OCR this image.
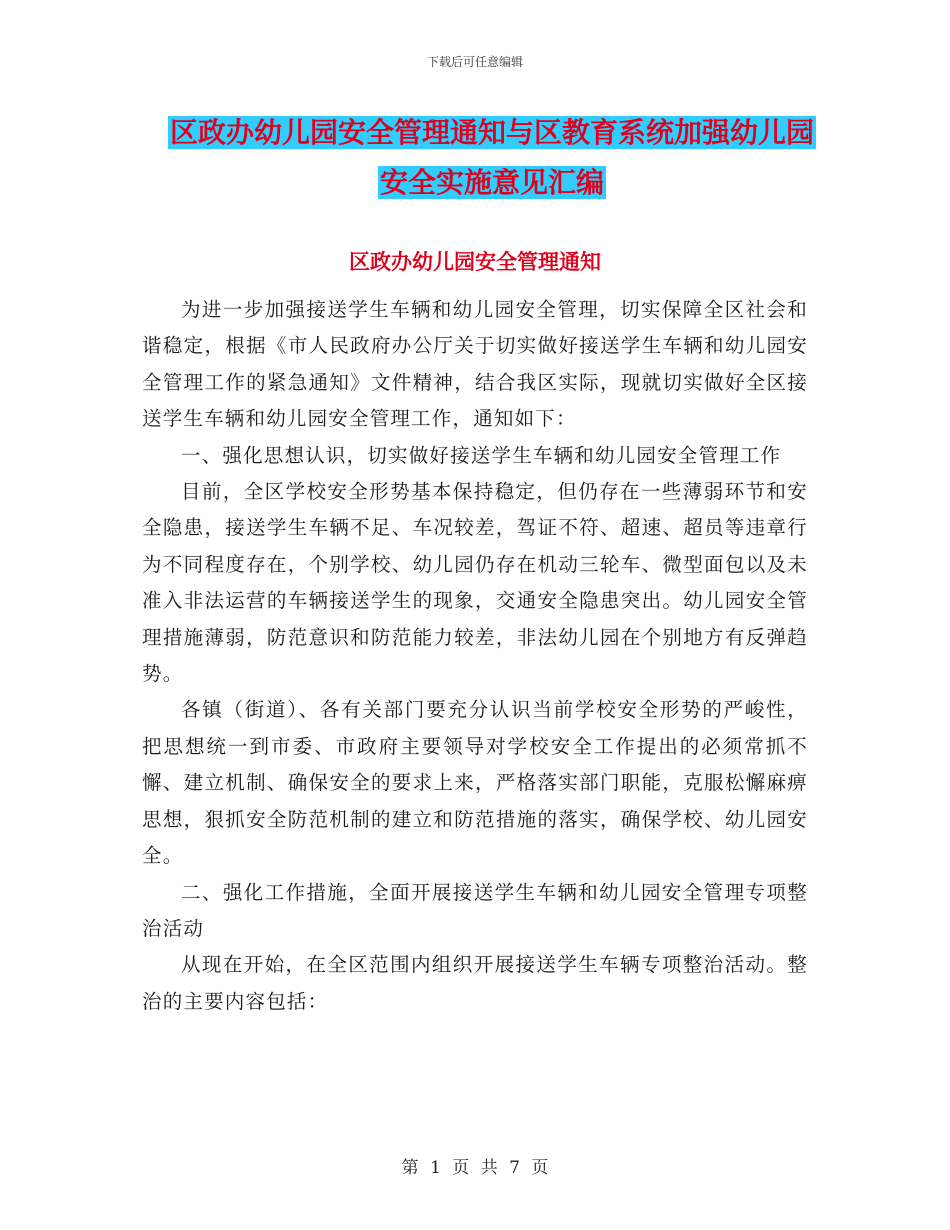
下载后可任意编辑
区政办幼儿园安全管理通知与区教育系统加强幼儿园
安全实施意见汇编
区政办幼儿园安全管理通知

为进一步加强接送学生车辆和幼儿园安全管理，切实保障全区社会和谐稳定，根据《市人民政府办公厅关于切实做好接送学生车辆和幼儿园安全管理工作的紧急通知》文件精神，结合我区实际，现就切实做好全区接送学生车辆和幼儿园安全管理工作，通知如下：

一、强化思想认识，切实做好接送学生车辆和幼儿园安全管理工作

目前，全区学校安全形势基本保持稳定，但仍存在一些薄弱环节和安全隐患，接送学生车辆不足、车况较差，驾证不符、超速、超员等违章行为不同程度存在，个别学校、幼儿园仍存在机动三轮车、微型面包以及未准入非法运营的车辆接送学生的现象，交通安全隐患突出。幼儿园安全管理措施薄弱，防范意识和防范能力较差，非法幼儿园在个别地方有反弹趋势。

各镇（街道）、各有关部门要充分认识当前学校安全形势的严峻性，把思想统一到市委、市政府主要领导对学校安全工作提出的必须常抓不懈、建立机制、确保安全的要求上来，严格落实部门职能，克服松懈麻痹思想，狠抓安全防范机制的建立和防范措施的落实，确保学校、幼儿园安全。

二、强化工作措施，全面开展接送学生车辆和幼儿园安全管理专项整治活动

从现在开始，在全区范围内组织开展接送学生车辆专项整治活动。整治的主要内容包括：

第 1 页 共 7 页
